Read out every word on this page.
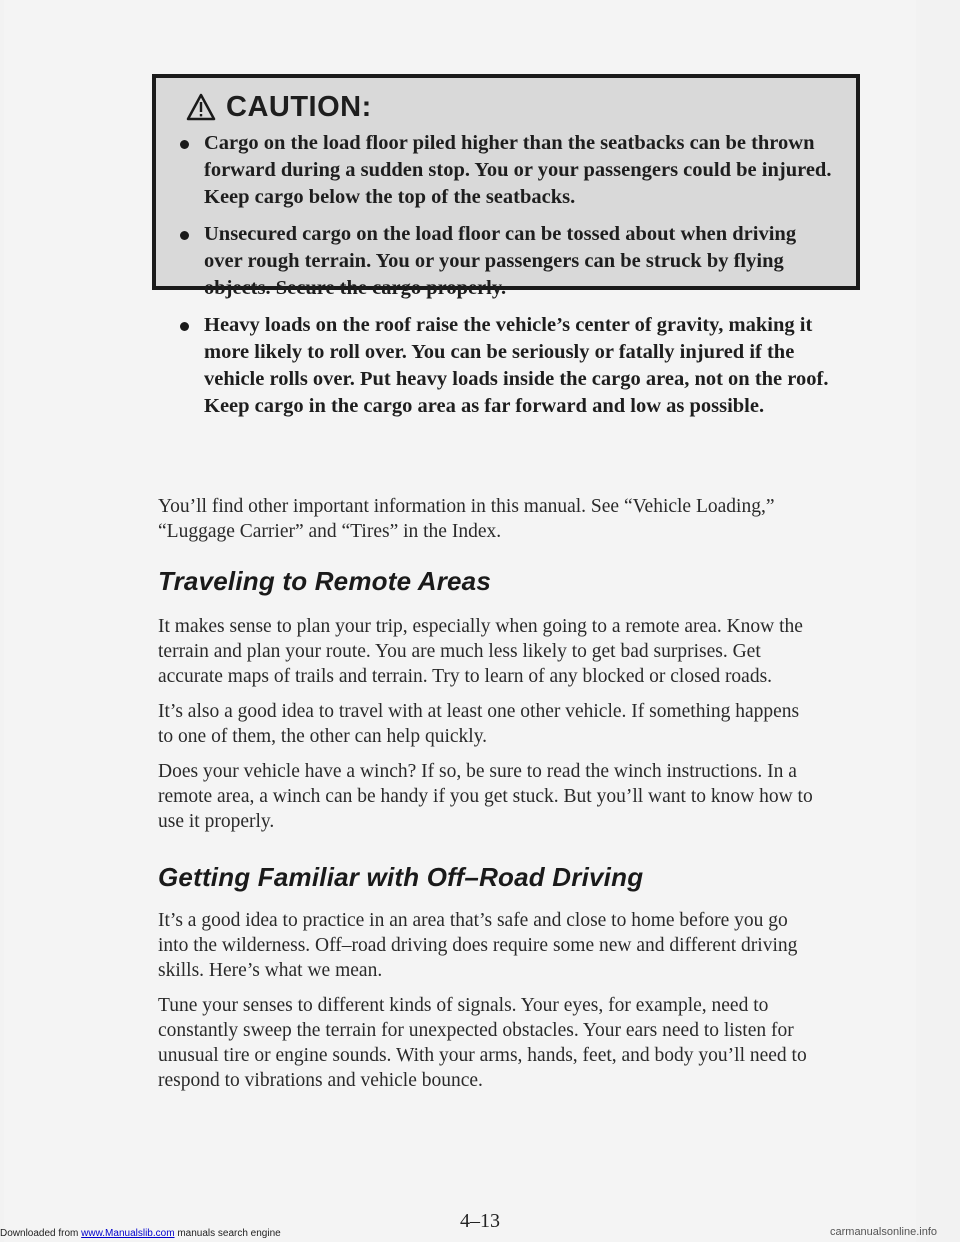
CAUTION:
Cargo on the load floor piled higher than the seatbacks can be thrown forward during a sudden stop. You or your passengers could be injured. Keep cargo below the top of the seatbacks.
Unsecured cargo on the load floor can be tossed about when driving over rough terrain. You or your passengers can be struck by flying objects. Secure the cargo properly.
Heavy loads on the roof raise the vehicle’s center of gravity, making it more likely to roll over. You can be seriously or fatally injured if the vehicle rolls over. Put heavy loads inside the cargo area, not on the roof. Keep cargo in the cargo area as far forward and low as possible.

You’ll find other important information in this manual. See “Vehicle Loading,” “Luggage Carrier” and “Tires” in the Index.

Traveling to Remote Areas

It makes sense to plan your trip, especially when going to a remote area. Know the terrain and plan your route. You are much less likely to get bad surprises. Get accurate maps of trails and terrain. Try to learn of any blocked or closed roads.

It’s also a good idea to travel with at least one other vehicle. If something happens to one of them, the other can help quickly.

Does your vehicle have a winch? If so, be sure to read the winch instructions. In a remote area, a winch can be handy if you get stuck. But you’ll want to know how to use it properly.

Getting Familiar with Off–Road Driving

It’s a good idea to practice in an area that’s safe and close to home before you go into the wilderness. Off–road driving does require some new and different driving skills. Here’s what we mean.

Tune your senses to different kinds of signals. Your eyes, for example, need to constantly sweep the terrain for unexpected obstacles. Your ears need to listen for unusual tire or engine sounds. With your arms, hands, feet, and body you’ll need to respond to vibrations and vehicle bounce.

4–13
Downloaded from www.Manualslib.com manuals search engine	carmanualsonline.info
